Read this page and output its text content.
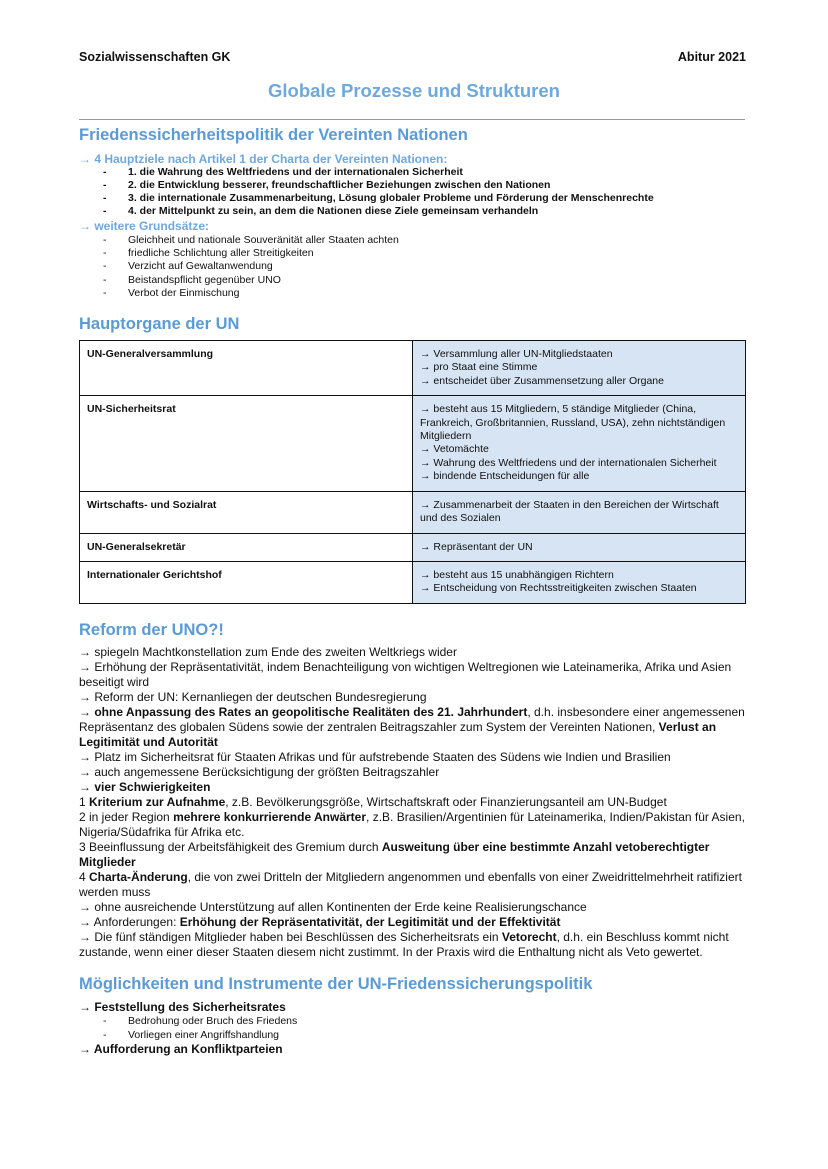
Sozialwissenschaften GK	Abitur 2021
Globale Prozesse und Strukturen
Friedenssicherheitspolitik der Vereinten Nationen
→ 4 Hauptziele nach Artikel 1 der Charta der Vereinten Nationen:
- 1. die Wahrung des Weltfriedens und der internationalen Sicherheit
- 2. die Entwicklung besserer, freundschaftlicher Beziehungen zwischen den Nationen
- 3. die internationale Zusammenarbeitung, Lösung globaler Probleme und Förderung der Menschenrechte
- 4. der Mittelpunkt zu sein, an dem die Nationen diese Ziele gemeinsam verhandeln
→ weitere Grundsätze:
- Gleichheit und nationale Souveränität aller Staaten achten
- friedliche Schlichtung aller Streitigkeiten
- Verzicht auf Gewaltanwendung
- Beistandspflicht gegenüber UNO
- Verbot der Einmischung
Hauptorgane der UN
UN-Generalversammlung	→ Versammlung aller UN-Mitgliedstaaten
→ pro Staat eine Stimme
→ entscheidet über Zusammensetzung aller Organe

UN-Sicherheitsrat	→ besteht aus 15 Mitgliedern, 5 ständige Mitglieder (China, Frankreich, Großbritannien, Russland, USA), zehn nichtständigen Mitgliedern
→ Vetomächte
→ Wahrung des Weltfriedens und der internationalen Sicherheit
→ bindende Entscheidungen für alle

Wirtschafts- und Sozialrat	→ Zusammenarbeit der Staaten in den Bereichen der Wirtschaft und des Sozialen

UN-Generalsekretär	→ Repräsentant der UN

Internationaler Gerichtshof	→ besteht aus 15 unabhängigen Richtern
→ Entscheidung von Rechtsstreitigkeiten zwischen Staaten
Reform der UNO?!
→ spiegeln Machtkonstellation zum Ende des zweiten Weltkriegs wider
→ Erhöhung der Repräsentativität, indem Benachteiligung von wichtigen Weltregionen wie Lateinamerika, Afrika und Asien beseitigt wird
→ Reform der UN: Kernanliegen der deutschen Bundesregierung
→ ohne Anpassung des Rates an geopolitische Realitäten des 21. Jahrhundert, d.h. insbesondere einer angemessenen Repräsentanz des globalen Südens sowie der zentralen Beitragszahler zum System der Vereinten Nationen, Verlust an Legitimität und Autorität
→ Platz im Sicherheitsrat für Staaten Afrikas und für aufstrebende Staaten des Südens wie Indien und Brasilien
→ auch angemessene Berücksichtigung der größten Beitragszahler
→ vier Schwierigkeiten
1 Kriterium zur Aufnahme, z.B. Bevölkerungsgröße, Wirtschaftskraft oder Finanzierungsanteil am UN-Budget
2 in jeder Region mehrere konkurrierende Anwärter, z.B. Brasilien/Argentinien für Lateinamerika, Indien/Pakistan für Asien, Nigeria/Südafrika für Afrika etc.
3 Beeinflussung der Arbeitsfähigkeit des Gremium durch Ausweitung über eine bestimmte Anzahl vetoberechtigter Mitglieder
4 Charta-Änderung, die von zwei Dritteln der Mitgliedern angenommen und ebenfalls von einer Zweidrittelmehrheit ratifiziert werden muss
→ ohne ausreichende Unterstützung auf allen Kontinenten der Erde keine Realisierungschance
→ Anforderungen: Erhöhung der Repräsentativität, der Legitimität und der Effektivität
→ Die fünf ständigen Mitglieder haben bei Beschlüssen des Sicherheitsrats ein Vetorecht, d.h. ein Beschluss kommt nicht zustande, wenn einer dieser Staaten diesem nicht zustimmt. In der Praxis wird die Enthaltung nicht als Veto gewertet.
Möglichkeiten und Instrumente der UN-Friedenssicherungspolitik
→ Feststellung des Sicherheitsrates
- Bedrohung oder Bruch des Friedens
- Vorliegen einer Angriffshandlung
→ Aufforderung an Konfliktparteien
